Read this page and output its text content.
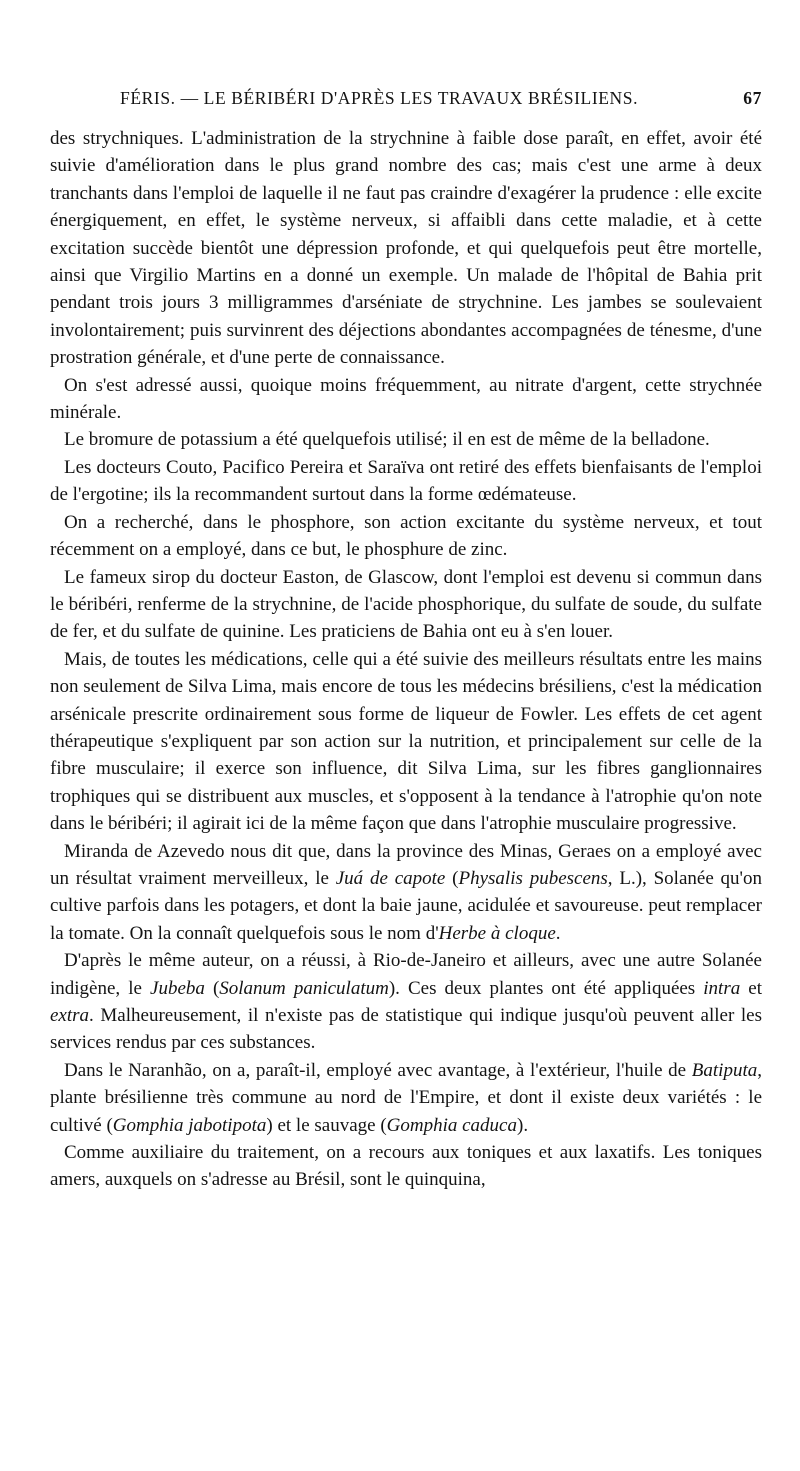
FÉRIS. — LE BÉRIBÉRI D'APRÈS LES TRAVAUX BRÉSILIENS.	67

des strychniques. L'administration de la strychnine à faible dose paraît, en effet, avoir été suivie d'amélioration dans le plus grand nombre des cas; mais c'est une arme à deux tranchants dans l'emploi de laquelle il ne faut pas craindre d'exagérer la prudence : elle excite énergiquement, en effet, le système nerveux, si affaibli dans cette maladie, et à cette excitation succède bientôt une dépression profonde, et qui quelquefois peut être mortelle, ainsi que Virgilio Martins en a donné un exemple. Un malade de l'hôpital de Bahia prit pendant trois jours 3 milligrammes d'arséniate de strychnine. Les jambes se soulevaient involontairement; puis survinrent des déjections abondantes accompagnées de ténesme, d'une prostration générale, et d'une perte de connaissance.

On s'est adressé aussi, quoique moins fréquemment, au nitrate d'argent, cette strychnée minérale.

Le bromure de potassium a été quelquefois utilisé; il en est de même de la belladone.

Les docteurs Couto, Pacifico Pereira et Saraïva ont retiré des effets bienfaisants de l'emploi de l'ergotine; ils la recommandent surtout dans la forme œdémateuse.

On a recherché, dans le phosphore, son action excitante du système nerveux, et tout récemment on a employé, dans ce but, le phosphure de zinc.

Le fameux sirop du docteur Easton, de Glascow, dont l'emploi est devenu si commun dans le béribéri, renferme de la strychnine, de l'acide phosphorique, du sulfate de soude, du sulfate de fer, et du sulfate de quinine. Les praticiens de Bahia ont eu à s'en louer.

Mais, de toutes les médications, celle qui a été suivie des meilleurs résultats entre les mains non seulement de Silva Lima, mais encore de tous les médecins brésiliens, c'est la médication arsénicale prescrite ordinairement sous forme de liqueur de Fowler. Les effets de cet agent thérapeutique s'expliquent par son action sur la nutrition, et principalement sur celle de la fibre musculaire; il exerce son influence, dit Silva Lima, sur les fibres ganglionnaires trophiques qui se distribuent aux muscles, et s'opposent à la tendance à l'atrophie qu'on note dans le béribéri; il agirait ici de la même façon que dans l'atrophie musculaire progressive.

Miranda de Azevedo nous dit que, dans la province des Minas, Geraes on a employé avec un résultat vraiment merveilleux, le Juá de capote (Physalis pubescens, L.), Solanée qu'on cultive parfois dans les potagers, et dont la baie jaune, acidulée et savoureuse. peut remplacer la tomate. On la connaît quelquefois sous le nom d'Herbe à cloque.

D'après le même auteur, on a réussi, à Rio-de-Janeiro et ailleurs, avec une autre Solanée indigène, le Jubeba (Solanum paniculatum). Ces deux plantes ont été appliquées intra et extra. Malheureusement, il n'existe pas de statistique qui indique jusqu'où peuvent aller les services rendus par ces substances.

Dans le Naranhão, on a, paraît-il, employé avec avantage, à l'extérieur, l'huile de Batiputa, plante brésilienne très commune au nord de l'Empire, et dont il existe deux variétés : le cultivé (Gomphia jabotipota) et le sauvage (Gomphia caduca).

Comme auxiliaire du traitement, on a recours aux toniques et aux laxatifs. Les toniques amers, auxquels on s'adresse au Brésil, sont le quinquina,
